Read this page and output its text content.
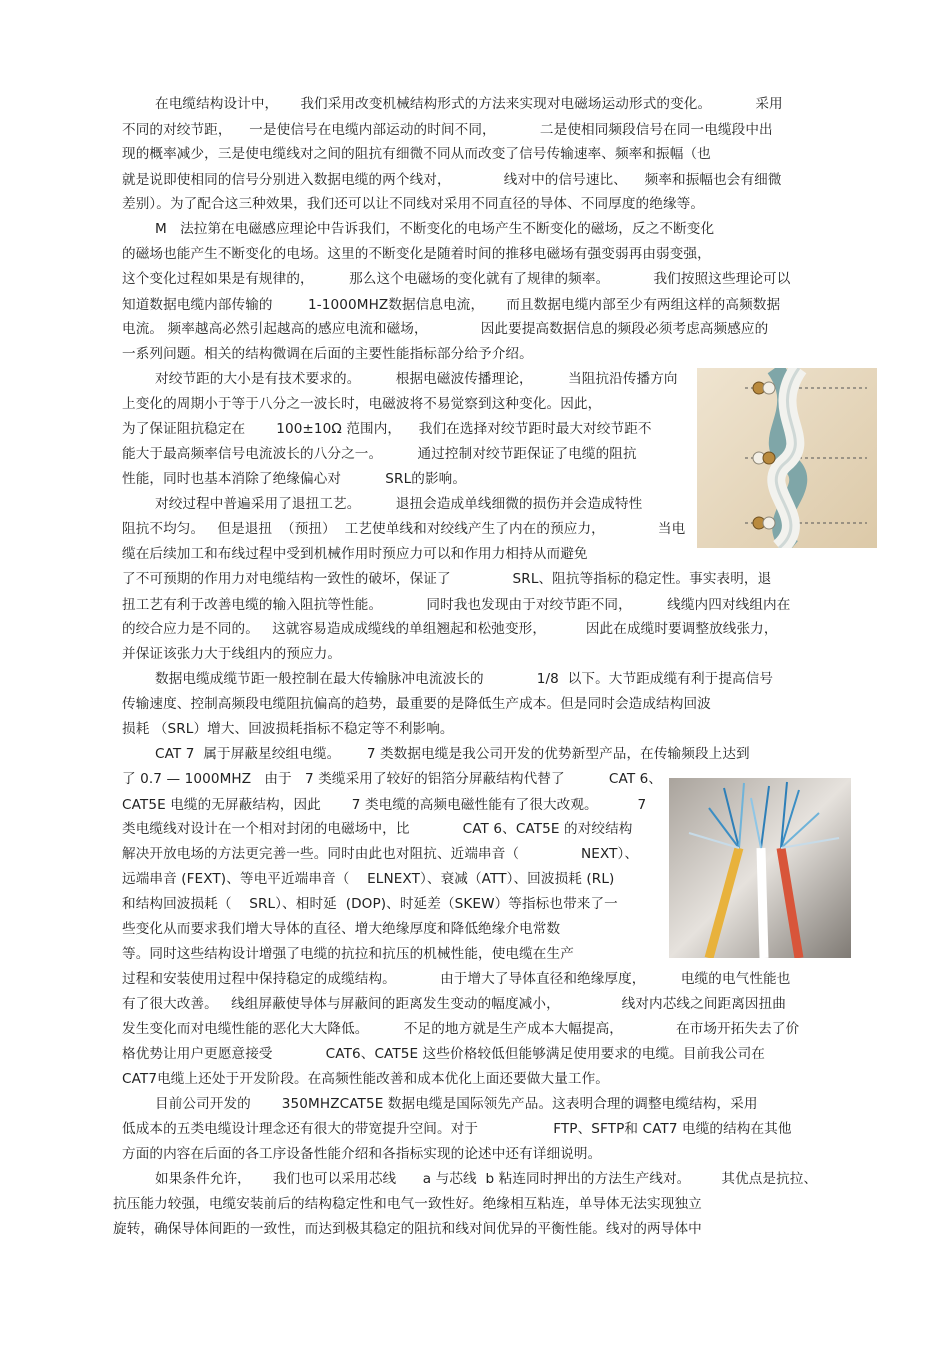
在电缆结构设计中，     我们采用改变机械结构形式的方法来实现对电磁场运动形式的变化。          采用
不同的对绞节距，    一是使信号在电缆内部运动的时间不同，          二是使相同频段信号在同一电缆段中出
现的概率减少，三是使电缆线对之间的阻抗有细微不同从而改变了信号传输速率、频率和振幅（也
就是说即使相同的信号分别进入数据电缆的两个线对，            线对中的信号速比、    频率和振幅也会有细微
差别）。为了配合这三种效果，我们还可以让不同线对采用不同直径的导体、不同厚度的绝缘等。
M   法拉第在电磁感应理论中告诉我们，不断变化的电场产生不断变化的磁场，反之不断变化
的磁场也能产生不断变化的电场。这里的不断变化是随着时间的推移电磁场有强变弱再由弱变强，
这个变化过程如果是有规律的，        那么这个电磁场的变化就有了规律的频率。          我们按照这些理论可以
知道数据电缆内部传输的        1-1000MHZ数据信息电流，     而且数据电缆内部至少有两组这样的高频数据
电流。 频率越高必然引起越高的感应电流和磁场，            因此要提高数据信息的频段必须考虑高频感应的
一系列问题。相关的结构微调在后面的主要性能指标部分给予介绍。
对绞节距的大小是有技术要求的。        根据电磁波传播理论，        当阻抗沿传播方向
上变化的周期小于等于八分之一波长时，电磁波将不易觉察到这种变化。因此，
为了保证阻抗稳定在       100±10Ω 范围内，    我们在选择对绞节距时最大对绞节距不
能大于最高频率信号电流波长的八分之一。        通过控制对绞节距保证了电缆的阻抗
性能，同时也基本消除了绝缘偏心对          SRL的影响。
对绞过程中普遍采用了退扭工艺。        退扭会造成单线细微的损伤并会造成特性
阻抗不均匀。   但是退扭  （预扭）  工艺使单线和对绞线产生了内在的预应力，            当电
缆在后续加工和布线过程中受到机械作用时预应力可以和作用力相持从而避免
了不可预期的作用力对电缆结构一致性的破坏，保证了              SRL、阻抗等指标的稳定性。事实表明，退
扭工艺有利于改善电缆的输入阻抗等性能。          同时我也发现由于对绞节距不同，        线缆内四对线组内在
的绞合应力是不同的。   这就容易造成成缆线的单组翘起和松弛变形，         因此在成缆时要调整放线张力，
并保证该张力大于线组内的预应力。
数据电缆成缆节距一般控制在最大传输脉冲电流波长的            1/8  以下。大节距成缆有利于提高信号
传输速度、控制高频段电缆阻抗偏高的趋势，最重要的是降低生产成本。但是同时会造成结构回波
损耗 （SRL）增大、回波损耗指标不稳定等不利影响。
CAT 7  属于屏蔽星绞组电缆。      7 类数据电缆是我公司开发的优势新型产品，在传输频段上达到
了 0.7 — 1000MHZ   由于   7 类缆采用了较好的铝箔分屏蔽结构代替了          CAT 6、
CAT5E 电缆的无屏蔽结构，因此       7 类电缆的高频电磁性能有了很大改观。         7
类电缆线对设计在一个相对封闭的电磁场中，比            CAT 6、CAT5E 的对绞结构
解决开放电场的方法更完善一些。同时由此也对阻抗、近端串音（              NEXT）、
远端串音 (FEXT)、等电平近端串音（    ELNEXT）、衰减（ATT）、回波损耗 (RL)
和结构回波损耗（    SRL）、相时延  (DOP)、时延差（SKEW）等指标也带来了一
些变化从而要求我们增大导体的直径、增大绝缘厚度和降低绝缘介电常数
等。同时这些结构设计增强了电缆的抗拉和抗压的机械性能，使电缆在生产
过程和安装使用过程中保持稳定的成缆结构。          由于增大了导体直径和绝缘厚度，        电缆的电气性能也
有了很大改善。   线组屏蔽使导体与屏蔽间的距离发生变动的幅度减小，              线对内芯线之间距离因扭曲
发生变化而对电缆性能的恶化大大降低。        不足的地方就是生产成本大幅提高，            在市场开拓失去了价
格优势让用户更愿意接受            CAT6、CAT5E 这些价格较低但能够满足使用要求的电缆。目前我公司在
CAT7电缆上还处于开发阶段。在高频性能改善和成本优化上面还要做大量工作。
目前公司开发的       350MHZCAT5E 数据电缆是国际领先产品。这表明合理的调整电缆结构，采用
低成本的五类电缆设计理念还有很大的带宽提升空间。对于                 FTP、SFTP和 CAT7 电缆的结构在其他
方面的内容在后面的各工序设备性能介绍和各指标实现的论述中还有详细说明。
如果条件允许，     我们也可以采用芯线      a 与芯线  b 粘连同时押出的方法生产线对。       其优点是抗拉、
抗压能力较强，电缆安装前后的结构稳定性和电气一致性好。绝缘相互粘连，单导体无法实现独立
旋转，确保导体间距的一致性，而达到极其稳定的阻抗和线对间优异的平衡性能。线对的两导体中
